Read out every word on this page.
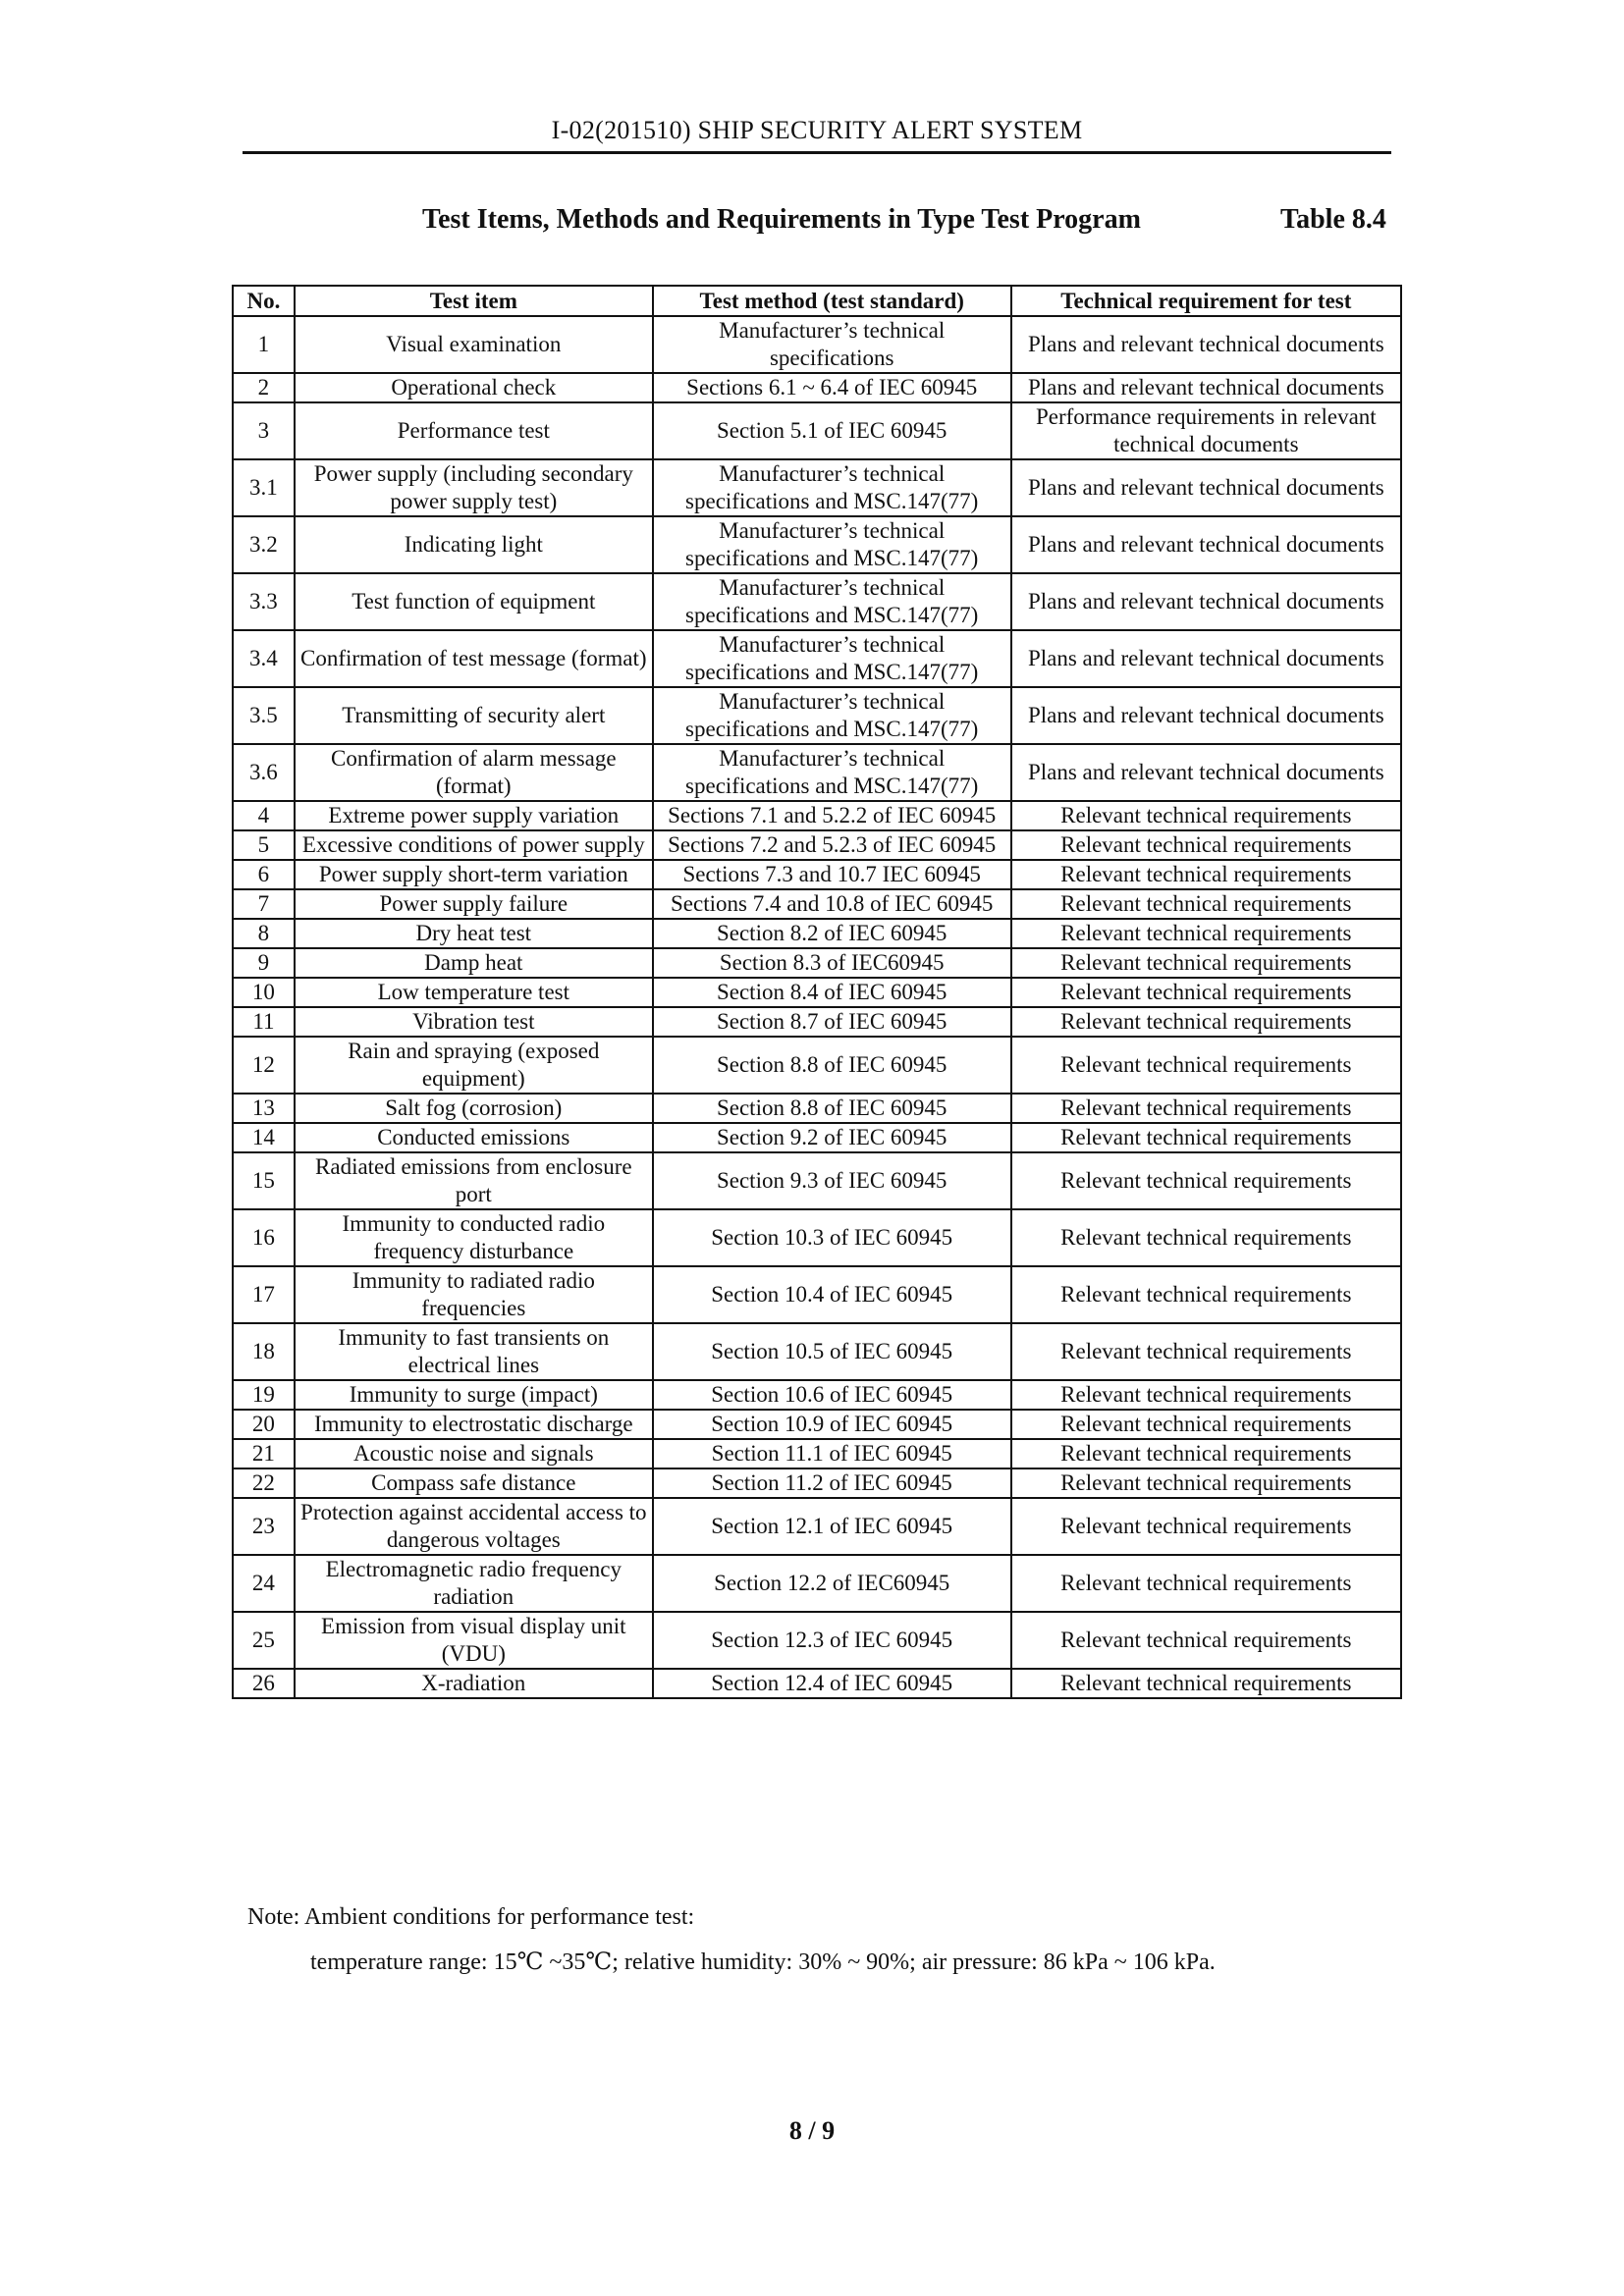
I-02(201510) SHIP SECURITY ALERT SYSTEM
Test Items, Methods and Requirements in Type Test Program	Table 8.4
No.	Test item	Test method (test standard)	Technical requirement for test
1	Visual examination	Manufacturer’s technical specifications	Plans and relevant technical documents
2	Operational check	Sections 6.1 ~ 6.4 of IEC 60945	Plans and relevant technical documents
3	Performance test	Section 5.1 of IEC 60945	Performance requirements in relevant technical documents
3.1	Power supply (including secondary power supply test)	Manufacturer’s technical specifications and MSC.147(77)	Plans and relevant technical documents
3.2	Indicating light	Manufacturer’s technical specifications and MSC.147(77)	Plans and relevant technical documents
3.3	Test function of equipment	Manufacturer’s technical specifications and MSC.147(77)	Plans and relevant technical documents
3.4	Confirmation of test message (format)	Manufacturer’s technical specifications and MSC.147(77)	Plans and relevant technical documents
3.5	Transmitting of security alert	Manufacturer’s technical specifications and MSC.147(77)	Plans and relevant technical documents
3.6	Confirmation of alarm message (format)	Manufacturer’s technical specifications and MSC.147(77)	Plans and relevant technical documents
4	Extreme power supply variation	Sections 7.1 and 5.2.2 of IEC 60945	Relevant technical requirements
5	Excessive conditions of power supply	Sections 7.2 and 5.2.3 of IEC 60945	Relevant technical requirements
6	Power supply short-term variation	Sections 7.3 and 10.7 IEC 60945	Relevant technical requirements
7	Power supply failure	Sections 7.4 and 10.8 of IEC 60945	Relevant technical requirements
8	Dry heat test	Section 8.2 of IEC 60945	Relevant technical requirements
9	Damp heat	Section 8.3 of IEC60945	Relevant technical requirements
10	Low temperature test	Section 8.4 of IEC 60945	Relevant technical requirements
11	Vibration test	Section 8.7 of IEC 60945	Relevant technical requirements
12	Rain and spraying (exposed equipment)	Section 8.8 of IEC 60945	Relevant technical requirements
13	Salt fog (corrosion)	Section 8.8 of IEC 60945	Relevant technical requirements
14	Conducted emissions	Section 9.2 of IEC 60945	Relevant technical requirements
15	Radiated emissions from enclosure port	Section 9.3 of IEC 60945	Relevant technical requirements
16	Immunity to conducted radio frequency disturbance	Section 10.3 of IEC 60945	Relevant technical requirements
17	Immunity to radiated radio frequencies	Section 10.4 of IEC 60945	Relevant technical requirements
18	Immunity to fast transients on electrical lines	Section 10.5 of IEC 60945	Relevant technical requirements
19	Immunity to surge (impact)	Section 10.6 of IEC 60945	Relevant technical requirements
20	Immunity to electrostatic discharge	Section 10.9 of IEC 60945	Relevant technical requirements
21	Acoustic noise and signals	Section 11.1 of IEC 60945	Relevant technical requirements
22	Compass safe distance	Section 11.2 of IEC 60945	Relevant technical requirements
23	Protection against accidental access to dangerous voltages	Section 12.1 of IEC 60945	Relevant technical requirements
24	Electromagnetic radio frequency radiation	Section 12.2 of IEC60945	Relevant technical requirements
25	Emission from visual display unit (VDU)	Section 12.3 of IEC 60945	Relevant technical requirements
26	X-radiation	Section 12.4 of IEC 60945	Relevant technical requirements
Note: Ambient conditions for performance test:
temperature range: 15℃ ~35℃; relative humidity: 30% ~ 90%; air pressure: 86 kPa ~ 106 kPa.
8 / 9
